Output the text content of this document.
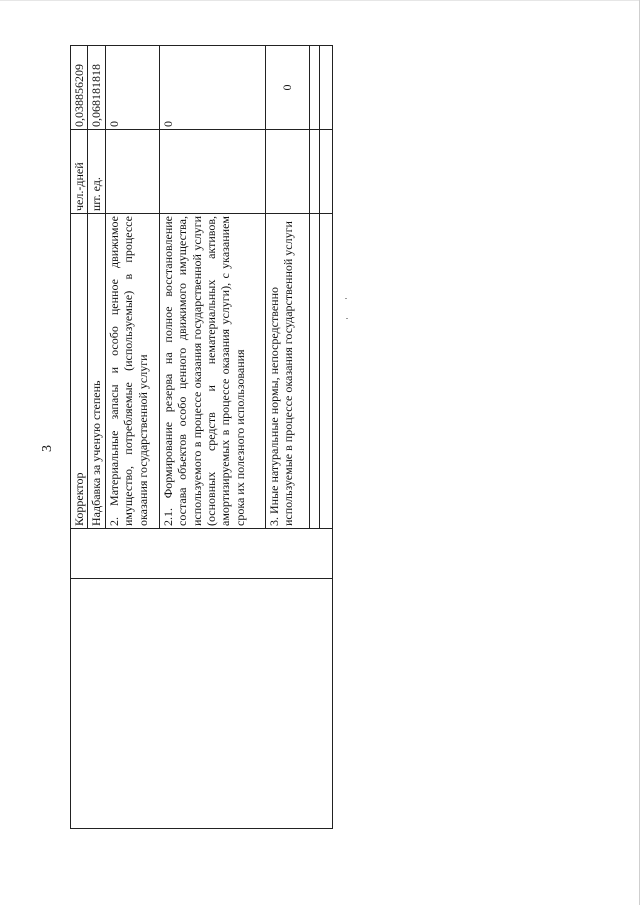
3
		Корректор	чел.-дней	0,038856209
		Надбавка за ученую степень	шт. ед.	0,068181818
		2. Материальные запасы и особо ценное движимое имущество, потребляемые (используемые) в процессе оказания государственной услуги		0
		2.1. Формирование резерва на полное восстановление состава объектов особо ценного движимого имущества, используемого в процессе оказания государственной услуги (основных средств и нематериальных активов, амортизируемых в процессе оказания услуги), с указанием срока их полезного использования		0
		3. Иные натуральные нормы, непосредственно используемые в процессе оказания государственной услуги		0
